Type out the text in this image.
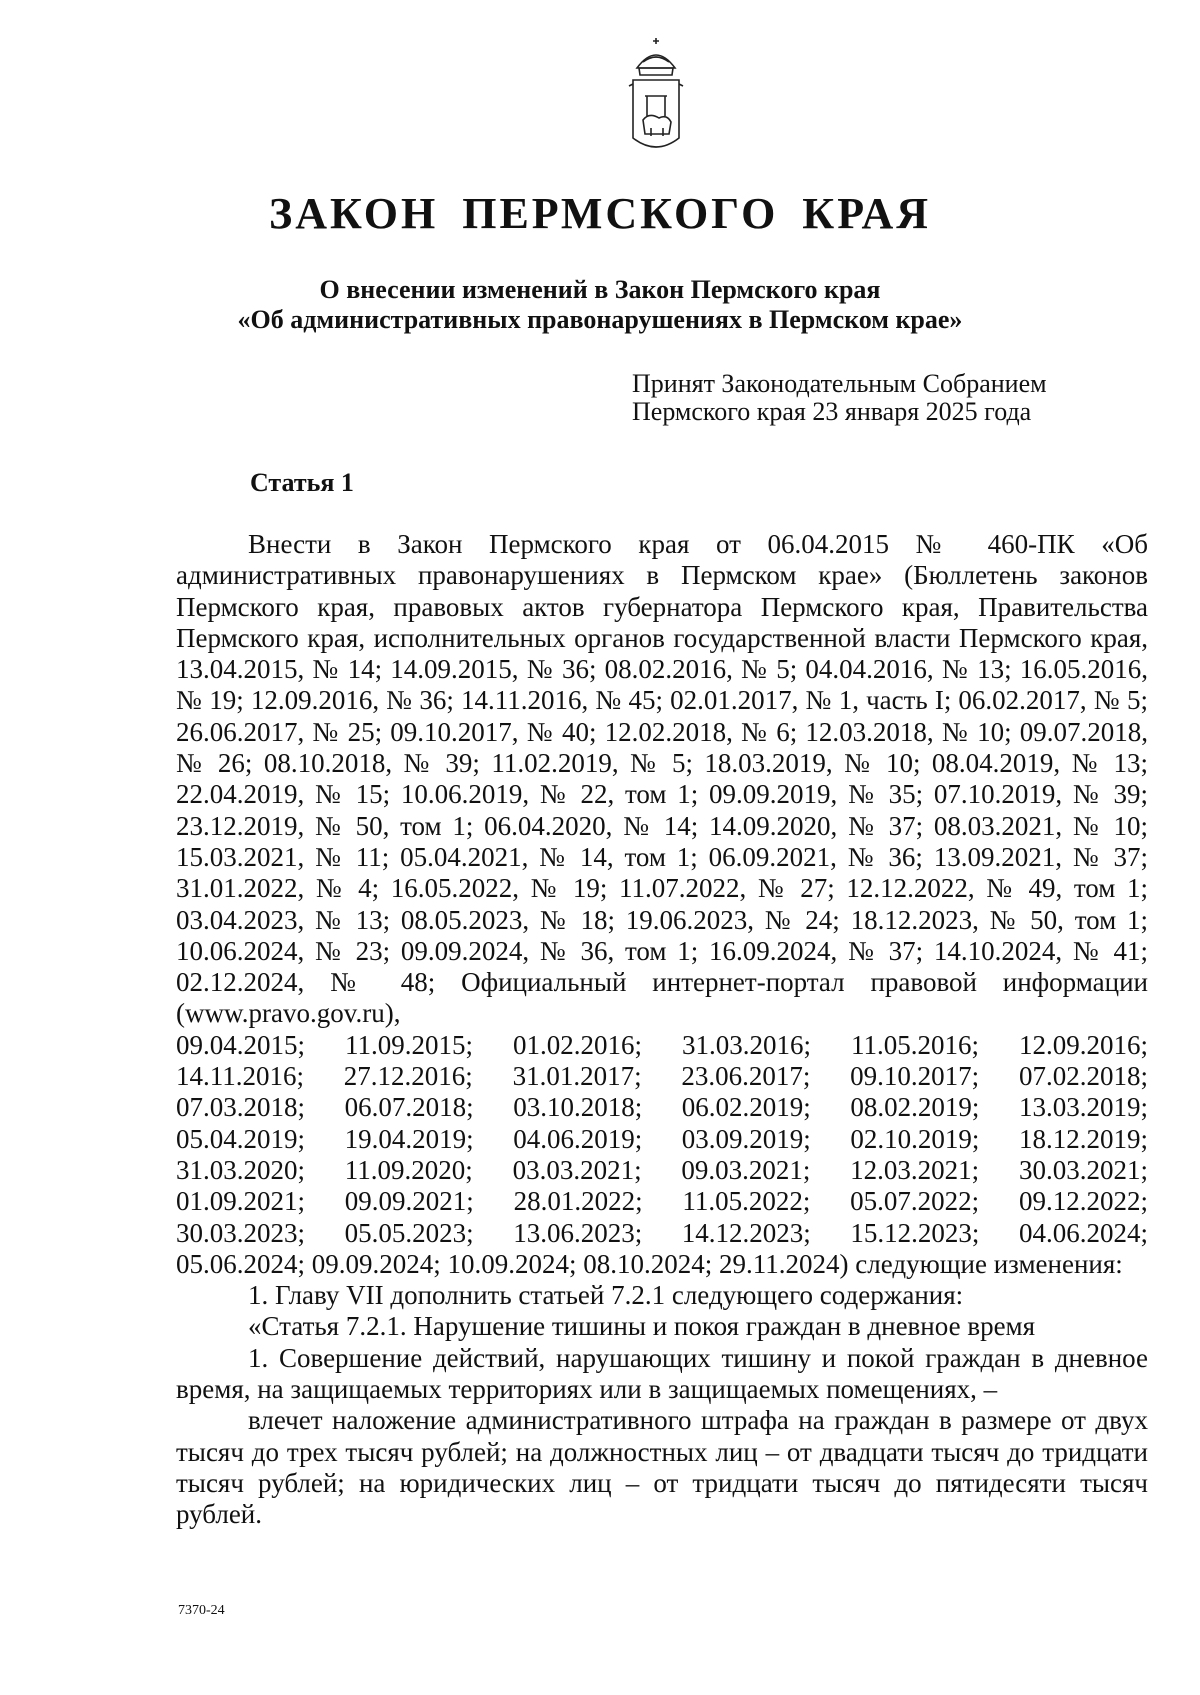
ЗАКОН ПЕРМСКОГО КРАЯ
О внесении изменений в Закон Пермского края
«Об административных правонарушениях в Пермском крае»
Принят Законодательным Собранием
Пермского края 23 января 2025 года
Статья 1

Внести в Закон Пермского края от 06.04.2015 № 460-ПК «Об административных правонарушениях в Пермском крае» (Бюллетень законов Пермского края, правовых актов губернатора Пермского края, Правительства Пермского края, исполнительных органов государственной власти Пермского края, 13.04.2015, № 14; 14.09.2015, № 36; 08.02.2016, № 5; 04.04.2016, № 13; 16.05.2016, № 19; 12.09.2016, № 36; 14.11.2016, № 45; 02.01.2017, № 1, часть I; 06.02.2017, № 5; 26.06.2017, № 25; 09.10.2017, № 40; 12.02.2018, № 6; 12.03.2018, № 10; 09.07.2018, № 26; 08.10.2018, № 39; 11.02.2019, № 5; 18.03.2019, № 10; 08.04.2019, № 13; 22.04.2019, № 15; 10.06.2019, № 22, том 1; 09.09.2019, № 35; 07.10.2019, № 39; 23.12.2019, № 50, том 1; 06.04.2020, № 14; 14.09.2020, № 37; 08.03.2021, № 10; 15.03.2021, № 11; 05.04.2021, № 14, том 1; 06.09.2021, № 36; 13.09.2021, № 37; 31.01.2022, № 4; 16.05.2022, № 19; 11.07.2022, № 27; 12.12.2022, № 49, том 1; 03.04.2023, № 13; 08.05.2023, № 18; 19.06.2023, № 24; 18.12.2023, № 50, том 1; 10.06.2024, № 23; 09.09.2024, № 36, том 1; 16.09.2024, № 37; 14.10.2024, № 41; 02.12.2024, № 48; Официальный интернет-портал правовой информации (www.pravo.gov.ru),

09.04.2015; 11.09.2015; 01.02.2016; 31.03.2016; 11.05.2016; 12.09.2016;
14.11.2016; 27.12.2016; 31.01.2017; 23.06.2017; 09.10.2017; 07.02.2018;
07.03.2018; 06.07.2018; 03.10.2018; 06.02.2019; 08.02.2019; 13.03.2019;
05.04.2019; 19.04.2019; 04.06.2019; 03.09.2019; 02.10.2019; 18.12.2019;
31.03.2020; 11.09.2020; 03.03.2021; 09.03.2021; 12.03.2021; 30.03.2021;
01.09.2021; 09.09.2021; 28.01.2022; 11.05.2022; 05.07.2022; 09.12.2022;
30.03.2023; 05.05.2023; 13.06.2023; 14.12.2023; 15.12.2023; 04.06.2024;
05.06.2024; 09.09.2024; 10.09.2024; 08.10.2024; 29.11.2024) следующие изменения:

1. Главу VII дополнить статьей 7.2.1 следующего содержания:

«Статья 7.2.1. Нарушение тишины и покоя граждан в дневное время

1. Совершение действий, нарушающих тишину и покой граждан в дневное время, на защищаемых территориях или в защищаемых помещениях, –

влечет наложение административного штрафа на граждан в размере от двух тысяч до трех тысяч рублей; на должностных лиц – от двадцати тысяч до тридцати тысяч рублей; на юридических лиц – от тридцати тысяч до пятидесяти тысяч рублей.

7370-24
